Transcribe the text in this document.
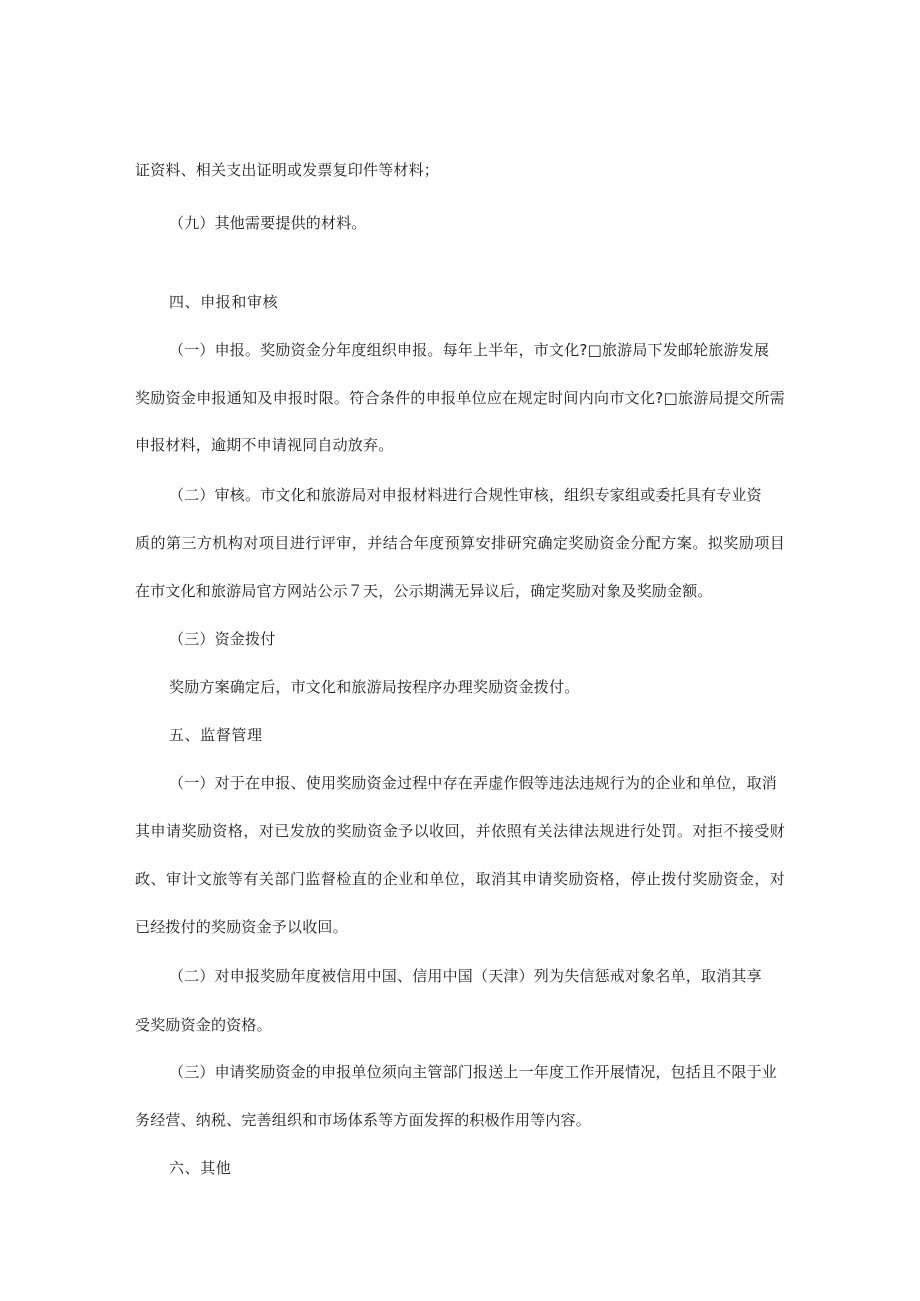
证资料、相关支出证明或发票复印件等材料；
（九）其他需要提供的材料。
四、申报和审核
（一）申报。奖励资金分年度组织申报。每年上半年，市文化?□旅游局下发邮轮旅游发展
奖励资金申报通知及申报时限。符合条件的申报单位应在规定时间内向市文化?□旅游局提交所需
申报材料，逾期不申请视同自动放弃。
（二）审核。市文化和旅游局对申报材料进行合规性审核，组织专家组或委托具有专业资
质的第三方机构对项目进行评审，并结合年度预算安排研究确定奖励资金分配方案。拟奖励项目
在市文化和旅游局官方网站公示７天，公示期满无异议后，确定奖励对象及奖励金额。
（三）资金拨付
奖励方案确定后，市文化和旅游局按程序办理奖励资金拨付。
五、监督管理
（一）对于在申报、使用奖励资金过程中存在弄虚作假等违法违规行为的企业和单位，取消
其申请奖励资格，对已发放的奖励资金予以收回，并依照有关法律法规进行处罚。对拒不接受财
政、审计文旅等有关部门监督检直的企业和单位，取消其申请奖励资格，停止拨付奖励资金，对
已经拨付的奖励资金予以收回。
（二）对申报奖励年度被信用中国、信用中国（天津）列为失信惩戒对象名单，取消其享
受奖励资金的资格。
（三）申请奖励资金的申报单位须向主管部门报送上一年度工作开展情况，包括且不限于业
务经营、纳税、完善组织和市场体系等方面发挥的积极作用等内容。
六、其他
